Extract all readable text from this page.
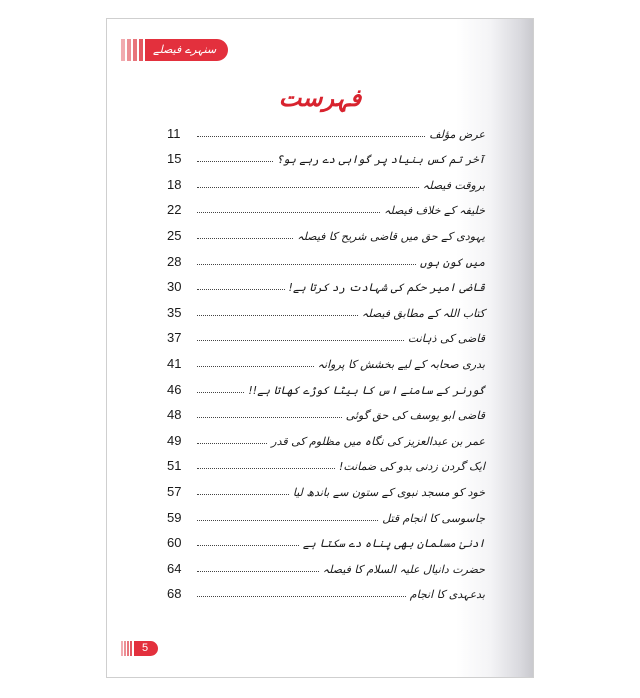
سنہرے فیصلے
فہرست
11	عرض مؤلف
15	آخر تم کس بنیاد پر گواہی دے رہے ہو؟
18	بروقت فیصلہ
22	خلیفہ کے خلاف فیصلہ
25	یہودی کے حق میں قاضی شریح کا فیصلہ
28	میں کون ہوں
30	قاضی امیر حکم کی شہادت رد کرتا ہے!
35	کتاب اللہ کے مطابق فیصلہ
37	قاضی کی ذہانت
41	بدری صحابہ کے لیے بخشش کا پروانہ
46	گورنر کے سامنے اس کا بیٹا کوڑے کھاتا ہے!!
48	قاضی ابو یوسف کی حق گوئی
49	عمر بن عبدالعزیز کی نگاہ میں مظلوم کی قدر
51	ایک گردن زدنی بدو کی ضمانت!
57	خود کو مسجد نبوی کے ستون سے باندھ لیا
59	جاسوسی کا انجام قتل
60	ادنیٰ مسلمان بھی پناہ دے سکتا ہے
64	حضرت دانیال علیہ السلام کا فیصلہ
68	بدعہدی کا انجام
5
